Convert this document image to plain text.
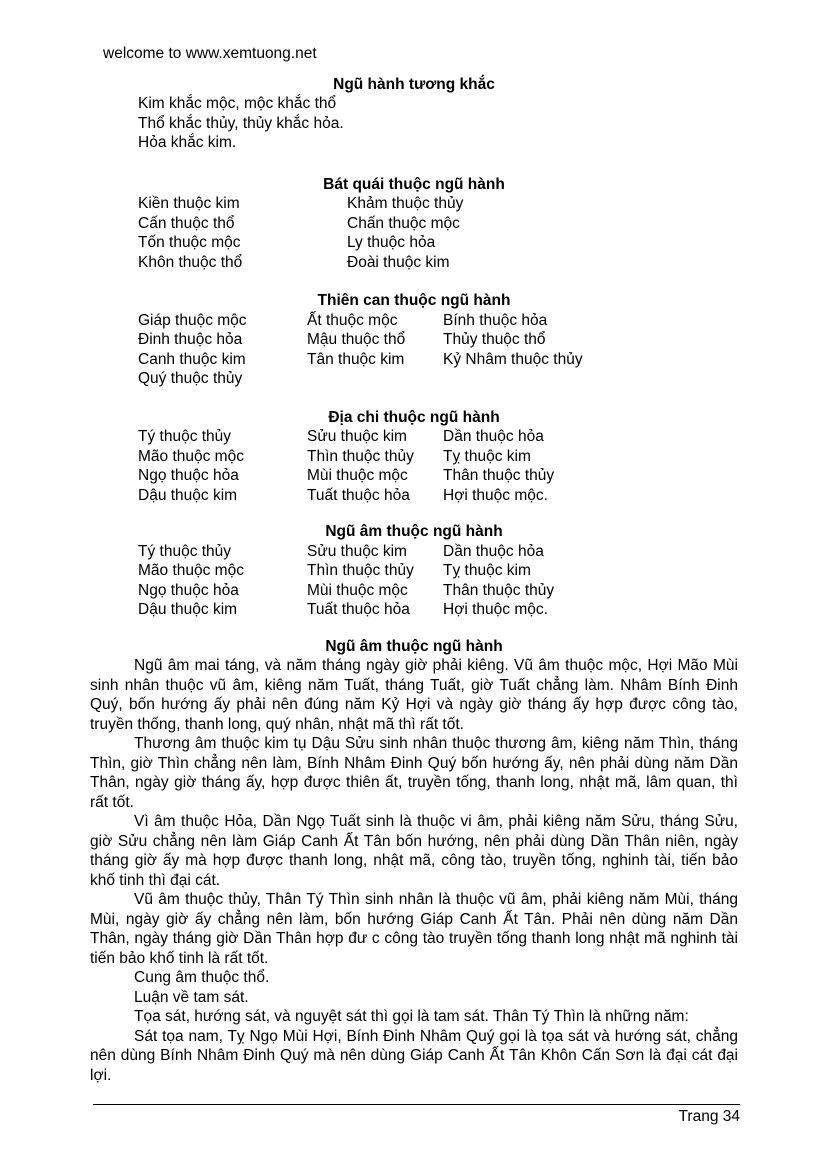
welcome to www.xemtuong.net
Ngũ hành tương khắc
Kim khắc mộc, mộc khắc thổ
Thổ khắc thủy, thủy khắc hỏa.
Hỏa khắc kim.
Bát quái thuộc ngũ hành
Kiền thuộc kim	Khảm thuộc thủy
Cấn thuộc thổ	Chấn thuộc mộc
Tốn thuộc mộc	Ly thuộc hỏa
Khôn thuộc thổ	Đoài thuộc kim
Thiên can thuộc ngũ hành
Giáp thuộc mộc	Ất thuộc mộc	Bính thuộc hỏa
Đinh thuộc hỏa	Mậu thuộc thổ Thủy thuộc thổ
Canh thuộc kim	Tân thuộc kim Kỷ Nhâm thuộc thủy
Quý thuộc thủy
Địa chi thuộc ngũ hành
Tý thuộc thủy	Sửu thuộc kim Dần thuộc hỏa
Mão thuộc mộc	Thìn thuộc thủy Tỵ thuộc kim
Ngọ thuộc hỏa	Mùi thuộc mộc Thân thuộc thủy
Dậu thuộc kim	Tuất thuộc hỏa Hợi thuộc mộc.
Ngũ âm thuộc ngũ hành
Tý thuộc thủy	Sửu thuộc kim Dần thuộc hỏa
Mão thuộc mộc	Thìn thuộc thủy Tỵ thuộc kim
Ngọ thuộc hỏa	Mùi thuộc mộc Thân thuộc thủy
Dậu thuộc kim	Tuất thuộc hỏa Hợi thuộc mộc.
Ngũ âm thuộc ngũ hành

Ngũ âm mai táng, và năm tháng ngày giờ phải kiêng. Vũ âm thuộc mộc, Hợi Mão Mùi sinh nhân thuộc vũ âm, kiêng năm Tuất, tháng Tuất, giờ Tuất chẳng làm. Nhâm Bính Đinh Quý, bốn hướng ấy phải nên đúng năm Kỷ Hợi và ngày giờ tháng ấy hợp được công tào, truyền thống, thanh long, quý nhân, nhật mã thì rất tốt.

Thương âm thuộc kim tụ Dậu Sửu sinh nhân thuộc thương âm, kiêng năm Thìn, tháng Thìn, giờ Thìn chẳng nên làm, Bính Nhâm Đinh Quý bốn hướng ấy, nên phải dùng năm Dần Thân, ngày giờ tháng ấy, hợp được thiên ất, truyền tống, thanh long, nhật mã, lâm quan, thì rất tốt.

Vì âm thuộc Hỏa, Dần Ngọ Tuất sinh là thuộc vi âm, phải kiêng năm Sửu, tháng Sửu, giờ Sửu chẳng nên làm Giáp Canh Ất Tân bốn hướng, nên phải dùng Dần Thân niên, ngày tháng giờ ấy mà hợp được thanh long, nhật mã, công tào, truyền tống, nghinh tài, tiến bảo khố tinh thì đại cát.

Vũ âm thuộc thủy, Thân Tý Thìn sinh nhân là thuộc vũ âm, phải kiêng năm Mùi, tháng Mùi, ngày giờ ấy chẳng nên làm, bốn hướng Giáp Canh Ất Tân. Phải nên dùng năm Dần Thân, ngày tháng giờ Dần Thân hợp đư c công tào truyền tống thanh long nhật mã nghinh tài tiến bảo khố tinh là rất tốt.

Cung âm thuộc thổ.

Luận về tam sát.

Tọa sát, hướng sát, và nguyệt sát thì gọi là tam sát. Thân Tý Thìn là những năm:

Sát tọa nam, Tỵ Ngọ Mùi Hợi, Bính Đinh Nhâm Quý gọi là tọa sát và hướng sát, chẳng nên dùng Bính Nhâm Đinh Quý mà nên dùng Giáp Canh Ất Tân Khôn Cấn Sơn là đại cát đại lợi.

Trang 34
